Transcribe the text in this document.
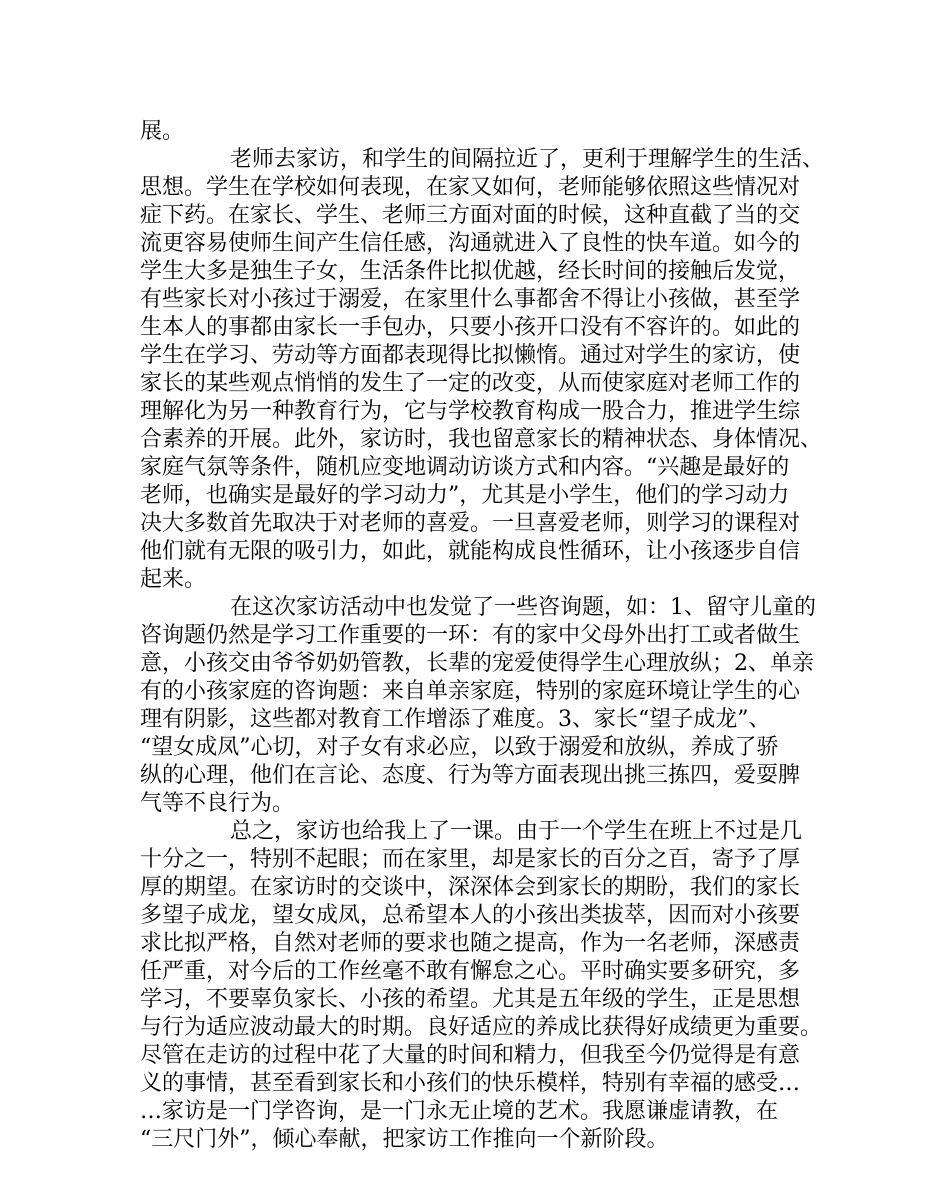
展。
老师去家访，和学生的间隔拉近了，更利于理解学生的生活、
思想。学生在学校如何表现，在家又如何，老师能够依照这些情况对
症下药。在家长、学生、老师三方面对面的时候，这种直截了当的交
流更容易使师生间产生信任感，沟通就进入了良性的快车道。如今的
学生大多是独生子女，生活条件比拟优越，经长时间的接触后发觉，
有些家长对小孩过于溺爱，在家里什么事都舍不得让小孩做，甚至学
生本人的事都由家长一手包办，只要小孩开口没有不容许的。如此的
学生在学习、劳动等方面都表现得比拟懒惰。通过对学生的家访，使
家长的某些观点悄悄的发生了一定的改变，从而使家庭对老师工作的
理解化为另一种教育行为，它与学校教育构成一股合力，推进学生综
合素养的开展。此外，家访时，我也留意家长的精神状态、身体情况、
家庭气氛等条件，随机应变地调动访谈方式和内容。“兴趣是最好的
老师，也确实是最好的学习动力”，尤其是小学生，他们的学习动力
决大多数首先取决于对老师的喜爱。一旦喜爱老师，则学习的课程对
他们就有无限的吸引力，如此，就能构成良性循环，让小孩逐步自信
起来。
在这次家访活动中也发觉了一些咨询题，如：1、留守儿童的
咨询题仍然是学习工作重要的一环：有的家中父母外出打工或者做生
意，小孩交由爷爷奶奶管教，长辈的宠爱使得学生心理放纵；2、单亲
有的小孩家庭的咨询题：来自单亲家庭，特别的家庭环境让学生的心
理有阴影，这些都对教育工作增添了难度。3、家长“望子成龙”、
“望女成凤”心切，对子女有求必应，以致于溺爱和放纵，养成了骄
纵的心理，他们在言论、态度、行为等方面表现出挑三拣四，爱耍脾
气等不良行为。
总之，家访也给我上了一课。由于一个学生在班上不过是几
十分之一，特别不起眼；而在家里，却是家长的百分之百，寄予了厚
厚的期望。在家访时的交谈中，深深体会到家长的期盼，我们的家长
多望子成龙，望女成凤，总希望本人的小孩出类拔萃，因而对小孩要
求比拟严格，自然对老师的要求也随之提高，作为一名老师，深感责
任严重，对今后的工作丝毫不敢有懈怠之心。平时确实要多研究，多
学习，不要辜负家长、小孩的希望。尤其是五年级的学生，正是思想
与行为适应波动最大的时期。良好适应的养成比获得好成绩更为重要。
尽管在走访的过程中花了大量的时间和精力，但我至今仍觉得是有意
义的事情，甚至看到家长和小孩们的快乐模样，特别有幸福的感受…
…家访是一门学咨询，是一门永无止境的艺术。我愿谦虚请教，在
“三尺门外”，倾心奉献，把家访工作推向一个新阶段。
